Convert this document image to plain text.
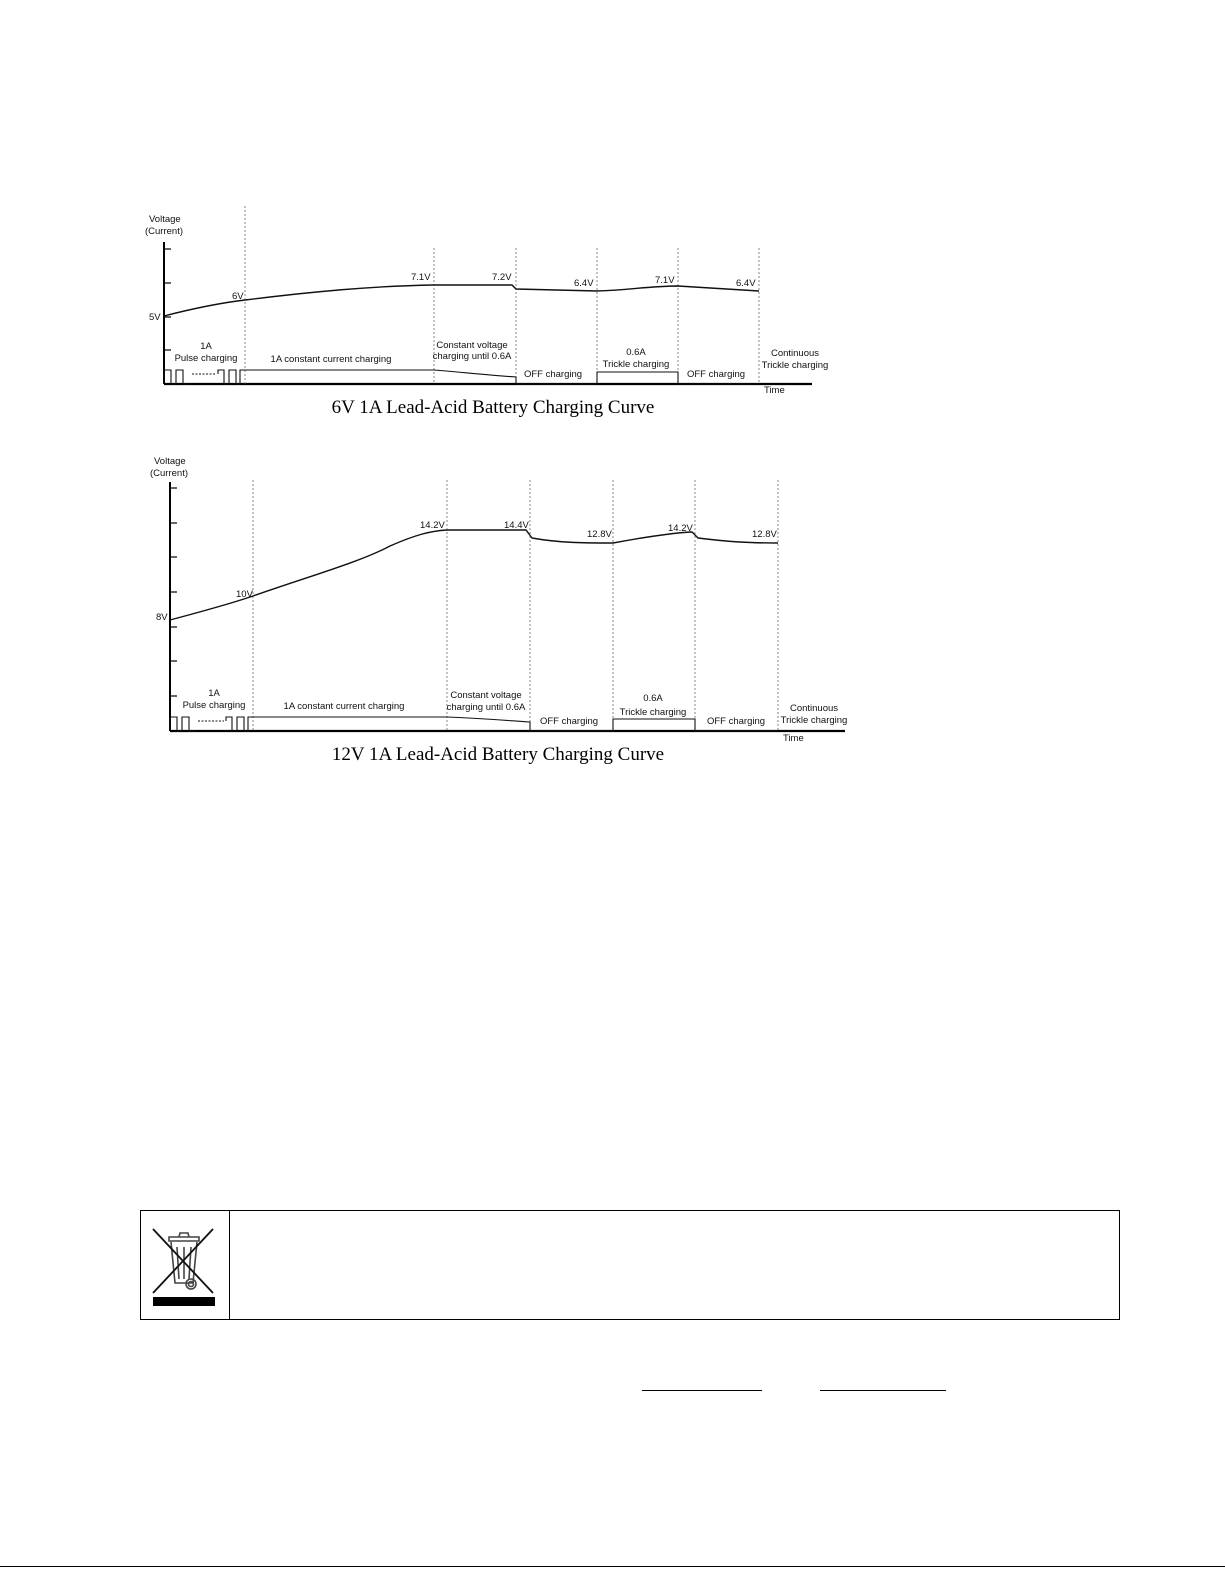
Voltage
(Current)
5V
6V
7.1V	7.2V
6.4V	7.1V	6.4V
1A
Pulse charging	1A constant current charging
Constant voltage
charging until 0.6A
OFF charging
0.6A
Trickle charging
OFF charging
Continuous
Trickle charging
Time
6V 1A Lead-Acid Battery Charging Curve
Voltage
(Current)
8V
10V
14.2V	14.4V
12.8V
14.2V
12.8V
1A
Pulse charging	1A constant current charging
Constant voltage
charging until 0.6A
OFF charging
0.6A
Trickle charging
OFF charging
Continuous
Trickle charging
Time
12V 1A Lead-Acid Battery Charging Curve
